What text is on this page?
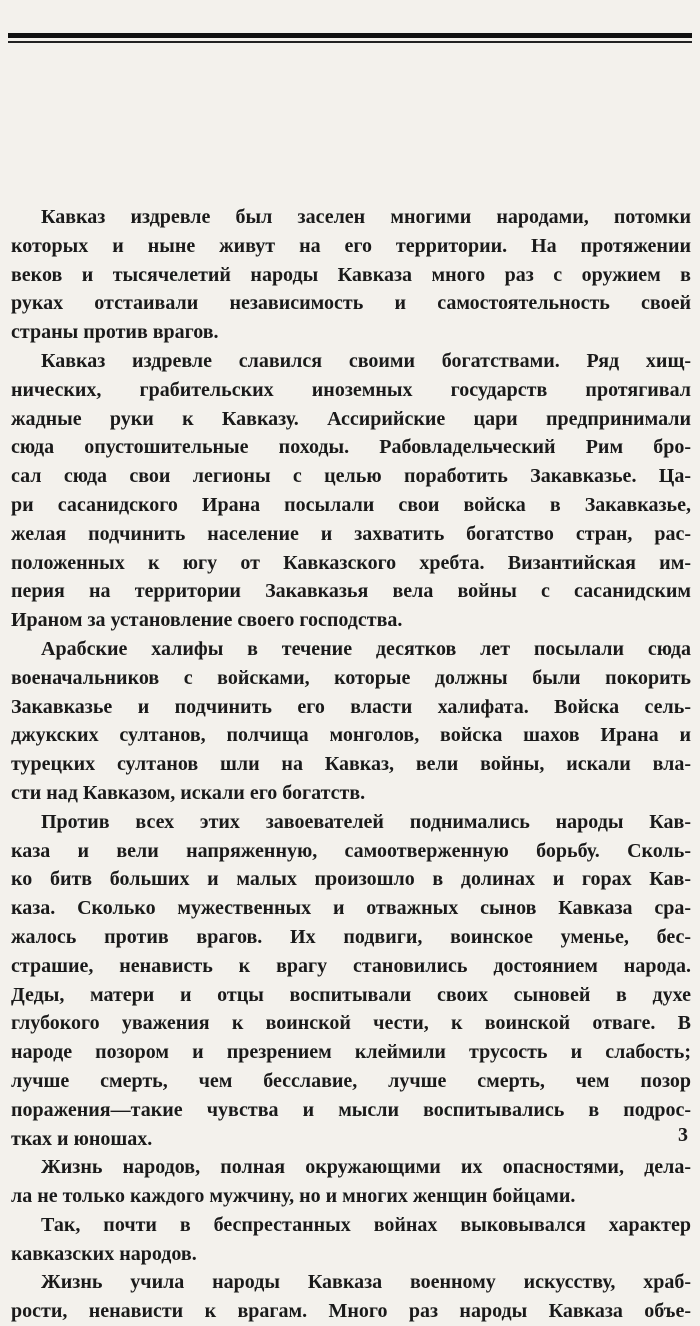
Кавказ издревле был заселен многими народами, потомки
которых и ныне живут на его территории. На протяжении
веков и тысячелетий народы Кавказа много раз с оружием в
руках отстаивали независимость и самостоятельность своей
страны против врагов.
Кавказ издревле славился своими богатствами. Ряд хищ-
нических, грабительских иноземных государств протягивал
жадные руки к Кавказу. Ассирийские цари предпринимали
сюда опустошительные походы. Рабовладельческий Рим бро-
сал сюда свои легионы с целью поработить Закавказье. Ца-
ри сасанидского Ирана посылали свои войска в Закавказье,
желая подчинить население и захватить богатство стран, рас-
положенных к югу от Кавказского хребта. Византийская им-
перия на территории Закавказья вела войны с сасанидским
Ираном за установление своего господства.
Арабские халифы в течение десятков лет посылали сюда
военачальников с войсками, которые должны были покорить
Закавказье и подчинить его власти халифата. Войска сель-
джукских султанов, полчища монголов, войска шахов Ирана и
турецких султанов шли на Кавказ, вели войны, искали вла-
сти над Кавказом, искали его богатств.
Против всех этих завоевателей поднимались народы Кав-
каза и вели напряженную, самоотверженную борьбу. Сколь-
ко битв больших и малых произошло в долинах и горах Кав-
каза. Сколько мужественных и отважных сынов Кавказа сра-
жалось против врагов. Их подвиги, воинское уменье, бес-
страшие, ненависть к врагу становились достоянием народа.
Деды, матери и отцы воспитывали своих сыновей в духе
глубокого уважения к воинской чести, к воинской отваге. В
народе позором и презрением клеймили трусость и слабость;
лучше смерть, чем бесславие, лучше смерть, чем позор
поражения—такие чувства и мысли воспитывались в подрос-
тках и юношах.
Жизнь народов, полная окружающими их опасностями, дела-
ла не только каждого мужчину, но и многих женщин бойцами.
Так, почти в беспрестанных войнах выковывался характер
кавказских народов.
Жизнь учила народы Кавказа военному искусству, храб-
рости, ненависти к врагам. Много раз народы Кавказа объе-
3
